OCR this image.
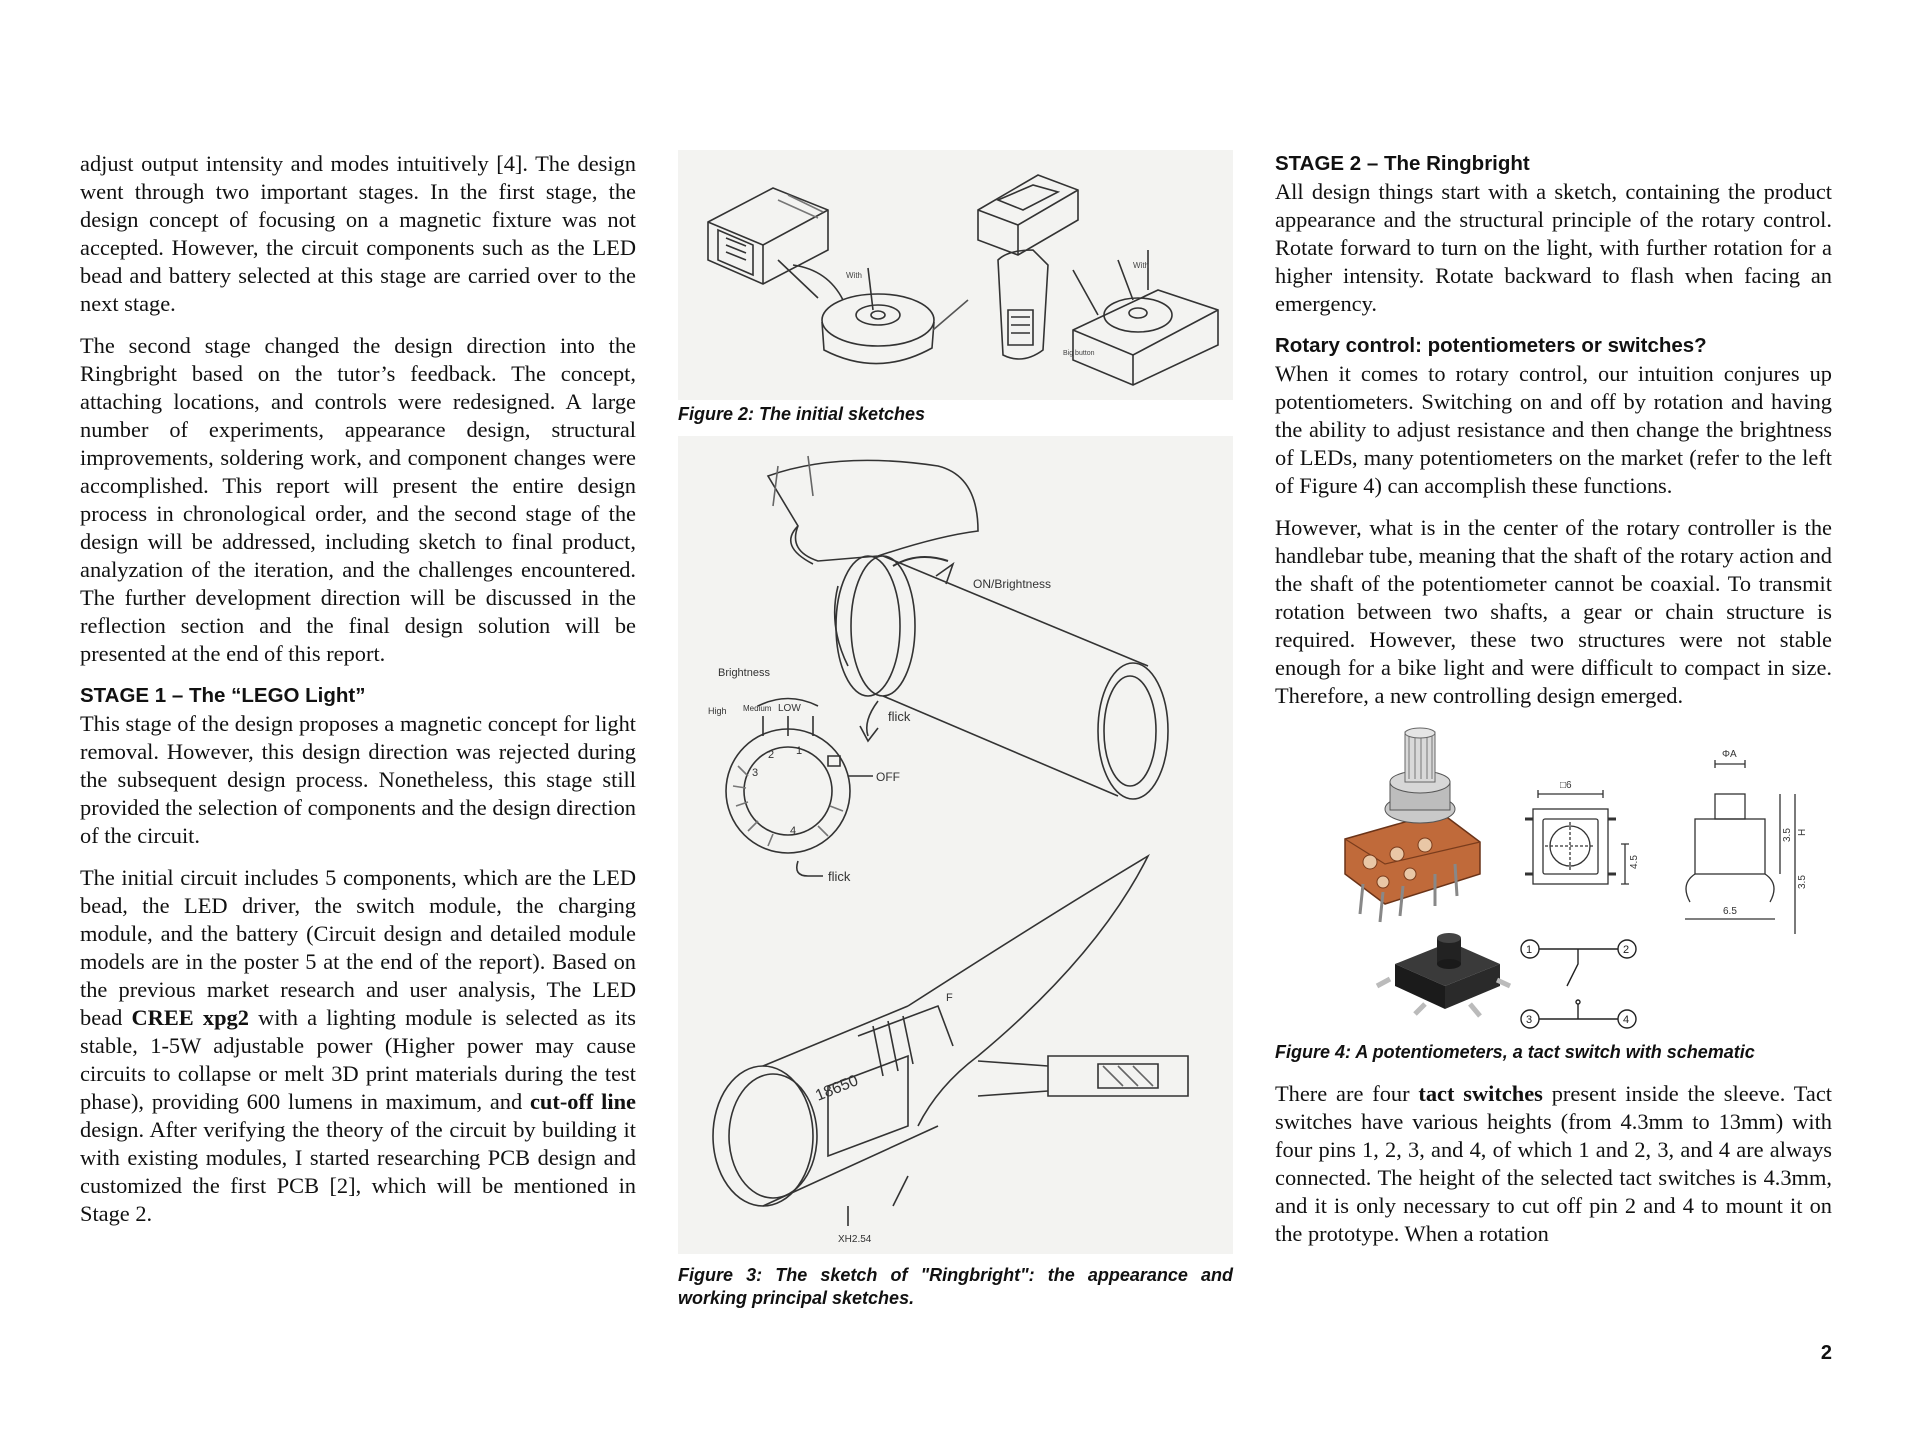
adjust output intensity and modes intuitively [4]. The design went through two important stages. In the first stage, the design concept of focusing on a magnetic fixture was not accepted. However, the circuit components such as the LED bead and battery selected at this stage are carried over to the next stage.

The second stage changed the design direction into the Ringbright based on the tutor’s feedback. The concept, attaching locations, and controls were redesigned. A large number of experiments, appearance design, structural improvements, soldering work, and component changes were accomplished. This report will present the entire design process in chronological order, and the second stage of the design will be addressed, including sketch to final product, analyzation of the iteration, and the challenges encountered. The further development direction will be discussed in the reflection section and the final design solution will be presented at the end of this report.

STAGE 1 – The “LEGO Light”

This stage of the design proposes a magnetic concept for light removal. However, this design direction was rejected during the subsequent design process. Nonetheless, this stage still provided the selection of components and the design direction of the circuit.

The initial circuit includes 5 components, which are the LED bead, the LED driver, the switch module, the charging module, and the battery (Circuit design and detailed module models are in the poster 5 at the end of the report). Based on the previous market research and user analysis, The LED bead CREE xpg2 with a lighting module is selected as its stable, 1-5W adjustable power (Higher power may cause circuits to collapse or melt 3D print materials during the test phase), providing 600 lumens in maximum, and cut-off line design. After verifying the theory of the circuit by building it with existing modules, I started researching PCB design and customized the first PCB [2], which will be mentioned in Stage 2.

With
With
Big button

Figure 2: The initial sketches

ON/Brightness
flick
Brightness
High Medium LOW
OFF
flick
2
3
1
4
18650
XH2.54
F

Figure 3: The sketch of "Ringbright": the appearance and working principal sketches.

STAGE 2 – The Ringbright

All design things start with a sketch, containing the product appearance and the structural principle of the rotary control. Rotate forward to turn on the light, with further rotation for a higher intensity. Rotate backward to flash when facing an emergency.

Rotary control: potentiometers or switches?

When it comes to rotary control, our intuition conjures up potentiometers. Switching on and off by rotation and having the ability to adjust resistance and then change the brightness of LEDs, many potentiometers on the market (refer to the left of Figure 4) can accomplish these functions.

However, what is in the center of the rotary controller is the handlebar tube, meaning that the shaft of the rotary action and the shaft of the potentiometer cannot be coaxial. To transmit rotation between two shafts, a gear or chain structure is required. However, these two structures were not stable enough for a bike light and were difficult to compact in size. Therefore, a new controlling design emerged.

□6
4.5
ΦA
3.5 H
3.5
6.5
1	2
3	4

Figure 4: A potentiometers, a tact switch with schematic

There are four tact switches present inside the sleeve. Tact switches have various heights (from 4.3mm to 13mm) with four pins 1, 2, 3, and 4, of which 1 and 2, 3, and 4 are always connected. The height of the selected tact switches is 4.3mm, and it is only necessary to cut off pin 2 and 4 to mount it on the prototype. When a rotation

2
